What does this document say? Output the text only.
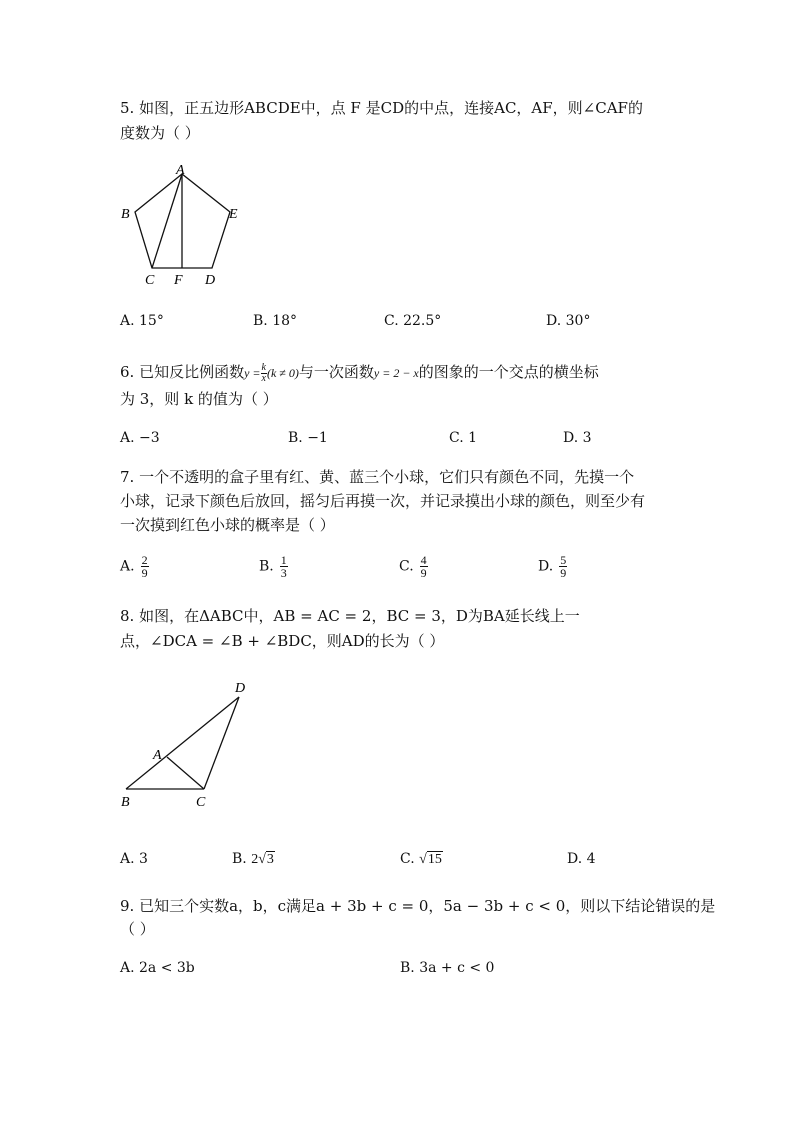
5. 如图，正五边形ABCDE中，点 F 是CD的中点，连接AC，AF，则∠CAF的
度数为（ ）
A
B
C F D
E
A. 15°	B. 18°	C. 22.5°	D. 30°
6. 已知反比例函数$y = \frac{k}{x} (k \ne 0)$与一次函数y = 2 − x的图象的一个交点的横坐标
为 3，则 k 的值为（ ）
A. −3	B. −1	C. 1	D. 3
7. 一个不透明的盒子里有红、黄、蓝三个小球，它们只有颜色不同，先摸一个
小球，记录下颜色后放回，摇匀后再摸一次，并记录摸出小球的颜色，则至少有
一次摸到红色小球的概率是（ ）
A. $\frac{2}{9}$	B. $\frac{1}{3}$	C. $\frac{4}{9}$	D. $\frac{5}{9}$
8. 如图，在ΔABC中，AB = AC = 2，BC = 3，D为BA延长线上一
点，∠DCA = ∠B + ∠BDC，则AD的长为（ ）
D
A
B	C
A. 3	B. 2√3	C. √15	D. 4
9. 已知三个实数a，b，c满足a + 3b + c = 0，5a − 3b + c < 0，则以下结论错误的是
（ ）
A. 2a < 3b	B. 3a + c < 0
